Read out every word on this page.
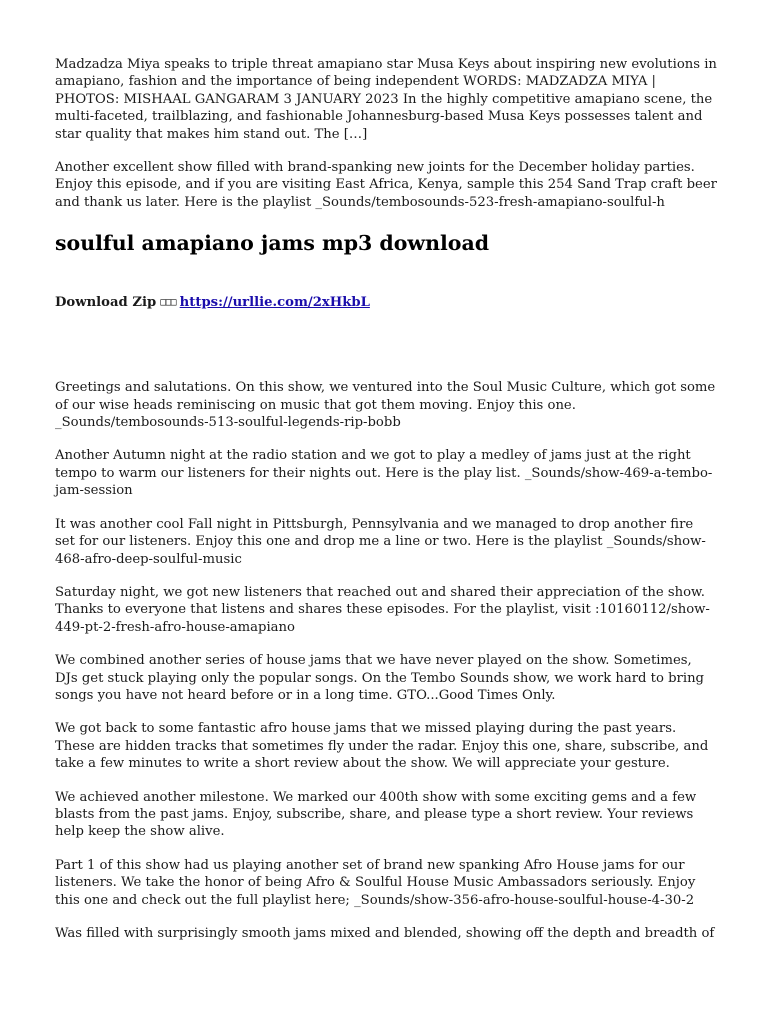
Madzadza Miya speaks to triple threat amapiano star Musa Keys about inspiring new evolutions in amapiano, fashion and the importance of being independent WORDS: MADZADZA MIYA | PHOTOS: MISHAAL GANGARAM 3 JANUARY 2023 In the highly competitive amapiano scene, the multi-faceted, trailblazing, and fashionable Johannesburg-based Musa Keys possesses talent and star quality that makes him stand out. The […]

Another excellent show filled with brand-spanking new joints for the December holiday parties. Enjoy this episode, and if you are visiting East Africa, Kenya, sample this 254 Sand Trap craft beer and thank us later. Here is the playlist _Sounds/tembosounds-523-fresh-amapiano-soulful-h

soulful amapiano jams mp3 download
Download Zip □□□ https://urllie.com/2xHkbL

Greetings and salutations. On this show, we ventured into the Soul Music Culture, which got some of our wise heads reminiscing on music that got them moving. Enjoy this one. _Sounds/tembosounds-513-soulful-legends-rip-bobb

Another Autumn night at the radio station and we got to play a medley of jams just at the right tempo to warm our listeners for their nights out. Here is the play list. _Sounds/show-469-a-tembo-jam-session

It was another cool Fall night in Pittsburgh, Pennsylvania and we managed to drop another fire set for our listeners. Enjoy this one and drop me a line or two. Here is the playlist _Sounds/show-468-afro-deep-soulful-music

Saturday night, we got new listeners that reached out and shared their appreciation of the show. Thanks to everyone that listens and shares these episodes. For the playlist, visit :10160112/show-449-pt-2-fresh-afro-house-amapiano

We combined another series of house jams that we have never played on the show. Sometimes, DJs get stuck playing only the popular songs. On the Tembo Sounds show, we work hard to bring songs you have not heard before or in a long time. GTO...Good Times Only.

We got back to some fantastic afro house jams that we missed playing during the past years. These are hidden tracks that sometimes fly under the radar. Enjoy this one, share, subscribe, and take a few minutes to write a short review about the show. We will appreciate your gesture.

We achieved another milestone. We marked our 400th show with some exciting gems and a few blasts from the past jams. Enjoy, subscribe, share, and please type a short review. Your reviews help keep the show alive.

Part 1 of this show had us playing another set of brand new spanking Afro House jams for our listeners. We take the honor of being Afro & Soulful House Music Ambassadors seriously. Enjoy this one and check out the full playlist here; _Sounds/show-356-afro-house-soulful-house-4-30-2

Was filled with surprisingly smooth jams mixed and blended, showing off the depth and breadth of
